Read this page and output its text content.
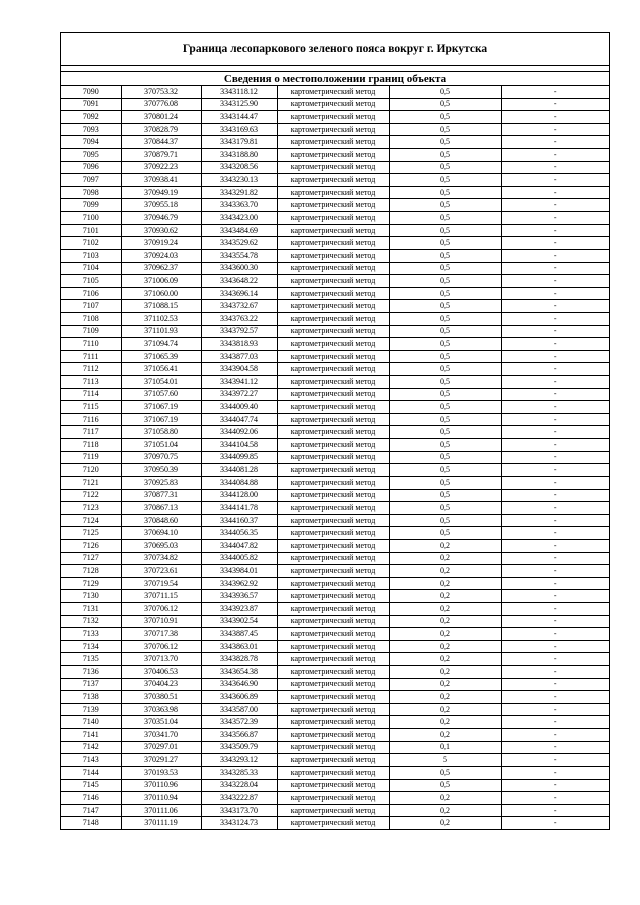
Граница лесопаркового зеленого пояса вокруг г. Иркутска
Сведения о местоположении границ объекта
7090	370753.32	3343118.12	картометрический метод	0,5	-
7091	370776.08	3343125.90	картометрический метод	0,5	-
7092	370801.24	3343144.47	картометрический метод	0,5	-
7093	370828.79	3343169.63	картометрический метод	0,5	-
7094	370844.37	3343179.81	картометрический метод	0,5	-
7095	370879.71	3343188.80	картометрический метод	0,5	-
7096	370922.23	3343208.56	картометрический метод	0,5	-
7097	370938.41	3343230.13	картометрический метод	0,5	-
7098	370949.19	3343291.82	картометрический метод	0,5	-
7099	370955.18	3343363.70	картометрический метод	0,5	-
7100	370946.79	3343423.00	картометрический метод	0,5	-
7101	370930.62	3343484.69	картометрический метод	0,5	-
7102	370919.24	3343529.62	картометрический метод	0,5	-
7103	370924.03	3343554.78	картометрический метод	0,5	-
7104	370962.37	3343600.30	картометрический метод	0,5	-
7105	371006.09	3343648.22	картометрический метод	0,5	-
7106	371060.00	3343696.14	картометрический метод	0,5	-
7107	371088.15	3343732.67	картометрический метод	0,5	-
7108	371102.53	3343763.22	картометрический метод	0,5	-
7109	371101.93	3343792.57	картометрический метод	0,5	-
7110	371094.74	3343818.93	картометрический метод	0,5	-
7111	371065.39	3343877.03	картометрический метод	0,5	-
7112	371056.41	3343904.58	картометрический метод	0,5	-
7113	371054.01	3343941.12	картометрический метод	0,5	-
7114	371057.60	3343972.27	картометрический метод	0,5	-
7115	371067.19	3344009.40	картометрический метод	0,5	-
7116	371067.19	3344047.74	картометрический метод	0,5	-
7117	371058.80	3344092.06	картометрический метод	0,5	-
7118	371051.04	3344104.58	картометрический метод	0,5	-
7119	370970.75	3344099.85	картометрический метод	0,5	-
7120	370950.39	3344081.28	картометрический метод	0,5	-
7121	370925.83	3344084.88	картометрический метод	0,5	-
7122	370877.31	3344128.00	картометрический метод	0,5	-
7123	370867.13	3344141.78	картометрический метод	0,5	-
7124	370848.60	3344160.37	картометрический метод	0,5	-
7125	370694.10	3344056.35	картометрический метод	0,5	-
7126	370695.03	3344047.82	картометрический метод	0,2	-
7127	370734.82	3344005.82	картометрический метод	0,2	-
7128	370723.61	3343984.01	картометрический метод	0,2	-
7129	370719.54	3343962.92	картометрический метод	0,2	-
7130	370711.15	3343936.57	картометрический метод	0,2	-
7131	370706.12	3343923.87	картометрический метод	0,2	-
7132	370710.91	3343902.54	картометрический метод	0,2	-
7133	370717.38	3343887.45	картометрический метод	0,2	-
7134	370706.12	3343863.01	картометрический метод	0,2	-
7135	370713.70	3343828.78	картометрический метод	0,2	-
7136	370406.53	3343654.38	картометрический метод	0,2	-
7137	370404.23	3343646.90	картометрический метод	0,2	-
7138	370380.51	3343606.89	картометрический метод	0,2	-
7139	370363.98	3343587.00	картометрический метод	0,2	-
7140	370351.04	3343572.39	картометрический метод	0,2	-
7141	370341.70	3343566.87	картометрический метод	0,2	-
7142	370297.01	3343509.79	картометрический метод	0,1	-
7143	370291.27	3343293.12	картометрический метод	5	-
7144	370193.53	3343285.33	картометрический метод	0,5	-
7145	370110.96	3343228.04	картометрический метод	0,5	-
7146	370110.94	3343222.87	картометрический метод	0,2	-
7147	370111.06	3343173.70	картометрический метод	0,2	-
7148	370111.19	3343124.73	картометрический метод	0,2	-
